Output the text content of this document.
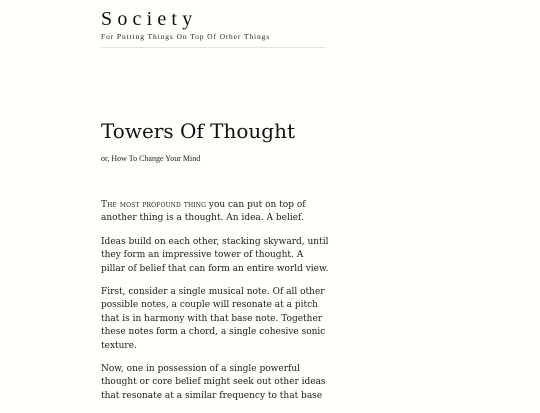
Society
For Putting Things On Top Of Other Things
Towers Of Thought

or, How To Change Your Mind

The most profound thing you can put on top of another thing is a thought. An idea. A belief.

Ideas build on each other, stacking skyward, until they form an impressive tower of thought. A pillar of belief that can form an entire world view.

First, consider a single musical note. Of all other possible notes, a couple will resonate at a pitch that is in harmony with that base note. Together these notes form a chord, a single cohesive sonic texture.

Now, one in possession of a single powerful thought or core belief might seek out other ideas that resonate at a similar frequency to that base
